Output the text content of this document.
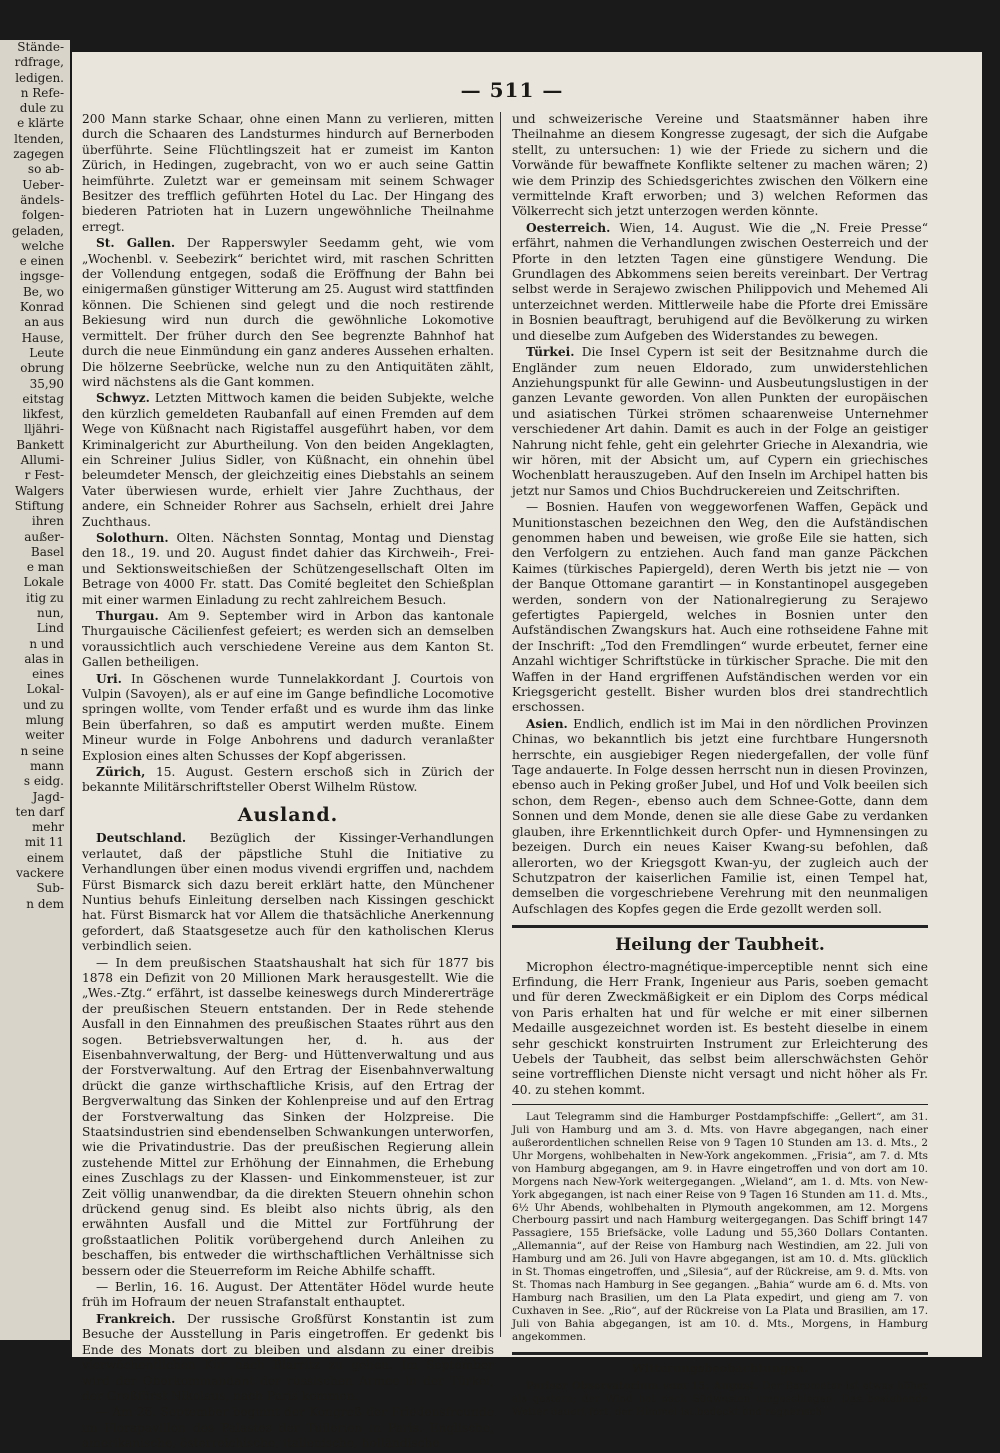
Stände-
rdfrage,
ledigen.
n Refe-
dule zu
e klärte
ltenden,
zagegen
so ab-
Ueber-
ändels-
folgen-
geladen,
welche
e einen
ingsge-
Be, wo
Konrad
an aus
Hause,
Leute
obrung
35,90
eitstag
likfest,
lljähri-
Bankett
Allumi-
r Fest-
Walgers
Stiftung
ihren
außer-
Basel
e man
Lokale
itig zu
nun,
Lind
n und
alas in
eines
Lokal-
und zu
mlung
weiter
n seine
mann
s eidg.
Jagd-
ten darf
mehr
mit 11
einem
vackere
Sub-
n dem
— 511 —

200 Mann starke Schaar, ohne einen Mann zu verlieren, mitten durch die Schaaren des Landsturmes hindurch auf Bernerboden überführte. Seine Flüchtlingszeit hat er zumeist im Kanton Zürich, in Hedingen, zugebracht, von wo er auch seine Gattin heimführte. Zuletzt war er gemeinsam mit seinem Schwager Besitzer des trefflich geführten Hotel du Lac. Der Hingang des biederen Patrioten hat in Luzern ungewöhnliche Theilnahme erregt.

St. Gallen. Der Rapperswyler Seedamm geht, wie vom „Wochenbl. v. Seebezirk“ berichtet wird, mit raschen Schritten der Vollendung entgegen, sodaß die Eröffnung der Bahn bei einigermaßen günstiger Witterung am 25. August wird stattfinden können. Die Schienen sind gelegt und die noch restirende Bekiesung wird nun durch die gewöhnliche Lokomotive vermittelt. Der früher durch den See begrenzte Bahnhof hat durch die neue Einmündung ein ganz anderes Aussehen erhalten. Die hölzerne Seebrücke, welche nun zu den Antiquitäten zählt, wird nächstens als die Gant kommen.

Schwyz. Letzten Mittwoch kamen die beiden Subjekte, welche den kürzlich gemeldeten Raubanfall auf einen Fremden auf dem Wege von Küßnacht nach Rigistaffel ausgeführt haben, vor dem Kriminalgericht zur Aburtheilung. Von den beiden Angeklagten, ein Schreiner Julius Sidler, von Küßnacht, ein ohnehin übel beleumdeter Mensch, der gleichzeitig eines Diebstahls an seinem Vater überwiesen wurde, erhielt vier Jahre Zuchthaus, der andere, ein Schneider Rohrer aus Sachseln, erhielt drei Jahre Zuchthaus.

Solothurn. Olten. Nächsten Sonntag, Montag und Dienstag den 18., 19. und 20. August findet dahier das Kirchweih-, Frei- und Sektionsweitschießen der Schützengesellschaft Olten im Betrage von 4000 Fr. statt. Das Comité begleitet den Schießplan mit einer warmen Einladung zu recht zahlreichem Besuch.

Thurgau. Am 9. September wird in Arbon das kantonale Thurgauische Cäcilienfest gefeiert; es werden sich an demselben voraussichtlich auch verschiedene Vereine aus dem Kanton St. Gallen betheiligen.

Uri. In Göschenen wurde Tunnelakkordant J. Courtois von Vulpin (Savoyen), als er auf eine im Gange befindliche Locomotive springen wollte, vom Tender erfaßt und es wurde ihm das linke Bein überfahren, so daß es amputirt werden mußte. Einem Mineur wurde in Folge Anbohrens und dadurch veranlaßter Explosion eines alten Schusses der Kopf abgerissen.

Zürich, 15. August. Gestern erschoß sich in Zürich der bekannte Militärschriftsteller Oberst Wilhelm Rüstow.

Ausland.

Deutschland. Bezüglich der Kissinger-Verhandlungen verlautet, daß der päpstliche Stuhl die Initiative zu Verhandlungen über einen modus vivendi ergriffen und, nachdem Fürst Bismarck sich dazu bereit erklärt hatte, den Münchener Nuntius behufs Einleitung derselben nach Kissingen geschickt hat. Fürst Bismarck hat vor Allem die thatsächliche Anerkennung gefordert, daß Staatsgesetze auch für den katholischen Klerus verbindlich seien.

— In dem preußischen Staatshaushalt hat sich für 1877 bis 1878 ein Defizit von 20 Millionen Mark herausgestellt. Wie die „Wes.-Ztg.“ erfährt, ist dasselbe keineswegs durch Mindererträge der preußischen Steuern entstanden. Der in Rede stehende Ausfall in den Einnahmen des preußischen Staates rührt aus den sogen. Betriebsverwaltungen her, d. h. aus der Eisenbahnverwaltung, der Berg- und Hüttenverwaltung und aus der Forstverwaltung. Auf den Ertrag der Eisenbahnverwaltung drückt die ganze wirthschaftliche Krisis, auf den Ertrag der Bergverwaltung das Sinken der Kohlenpreise und auf den Ertrag der Forstverwaltung das Sinken der Holzpreise. Die Staatsindustrien sind ebendenselben Schwankungen unterworfen, wie die Privatindustrie. Das der preußischen Regierung allein zustehende Mittel zur Erhöhung der Einnahmen, die Erhebung eines Zuschlags zu der Klassen- und Einkommensteuer, ist zur Zeit völlig unanwendbar, da die direkten Steuern ohnehin schon drückend genug sind. Es bleibt also nichts übrig, als den erwähnten Ausfall und die Mittel zur Fortführung der großstaatlichen Politik vorübergehend durch Anleihen zu beschaffen, bis entweder die wirthschaftlichen Verhältnisse sich bessern oder die Steuerreform im Reiche Abhilfe schafft.

— Berlin, 16. 16. August. Der Attentäter Hödel wurde heute früh im Hofraum der neuen Strafanstalt enthauptet.

Frankreich. Der russische Großfürst Konstantin ist zum Besuche der Ausstellung in Paris eingetroffen. Er gedenkt bis Ende des Monats dort zu bleiben und alsdann zu einer dreibis vierwöchentlichen Kur nach Biarritz zu gehen. Im September wird der Oberkommandant der russischen Armee in der Türkei, der Großfürst Nikolaus, nach Paris kommen.

— Am 26. September beginnt der Kongreß der Friedensfreunde im Florapavillon des Palastes der Tuilerien in Paris. Englische, amerikanische, österreichische, italienische, holländische

und schweizerische Vereine und Staatsmänner haben ihre Theilnahme an diesem Kongresse zugesagt, der sich die Aufgabe stellt, zu untersuchen: 1) wie der Friede zu sichern und die Vorwände für bewaffnete Konflikte seltener zu machen wären; 2) wie dem Prinzip des Schiedsgerichtes zwischen den Völkern eine vermittelnde Kraft erworben; und 3) welchen Reformen das Völkerrecht sich jetzt unterzogen werden könnte.

Oesterreich. Wien, 14. August. Wie die „N. Freie Presse“ erfährt, nahmen die Verhandlungen zwischen Oesterreich und der Pforte in den letzten Tagen eine günstigere Wendung. Die Grundlagen des Abkommens seien bereits vereinbart. Der Vertrag selbst werde in Serajewo zwischen Philippovich und Mehemed Ali unterzeichnet werden. Mittlerweile habe die Pforte drei Emissäre in Bosnien beauftragt, beruhigend auf die Bevölkerung zu wirken und dieselbe zum Aufgeben des Widerstandes zu bewegen.

Türkei. Die Insel Cypern ist seit der Besitznahme durch die Engländer zum neuen Eldorado, zum unwiderstehlichen Anziehungspunkt für alle Gewinn- und Ausbeutungslustigen in der ganzen Levante geworden. Von allen Punkten der europäischen und asiatischen Türkei strömen schaarenweise Unternehmer verschiedener Art dahin. Damit es auch in der Folge an geistiger Nahrung nicht fehle, geht ein gelehrter Grieche in Alexandria, wie wir hören, mit der Absicht um, auf Cypern ein griechisches Wochenblatt herauszugeben. Auf den Inseln im Archipel hatten bis jetzt nur Samos und Chios Buchdruckereien und Zeitschriften.

— Bosnien. Haufen von weggeworfenen Waffen, Gepäck und Munitionstaschen bezeichnen den Weg, den die Aufständischen genommen haben und beweisen, wie große Eile sie hatten, sich den Verfolgern zu entziehen. Auch fand man ganze Päckchen Kaimes (türkisches Papiergeld), deren Werth bis jetzt nie — von der Banque Ottomane garantirt — in Konstantinopel ausgegeben werden, sondern von der Nationalregierung zu Serajewo gefertigtes Papiergeld, welches in Bosnien unter den Aufständischen Zwangskurs hat. Auch eine rothseidene Fahne mit der Inschrift: „Tod den Fremdlingen“ wurde erbeutet, ferner eine Anzahl wichtiger Schriftstücke in türkischer Sprache. Die mit den Waffen in der Hand ergriffenen Aufständischen werden vor ein Kriegsgericht gestellt. Bisher wurden blos drei standrechtlich erschossen.

Asien. Endlich, endlich ist im Mai in den nördlichen Provinzen Chinas, wo bekanntlich bis jetzt eine furchtbare Hungersnoth herrschte, ein ausgiebiger Regen niedergefallen, der volle fünf Tage andauerte. In Folge dessen herrscht nun in diesen Provinzen, ebenso auch in Peking großer Jubel, und Hof und Volk beeilen sich schon, dem Regen-, ebenso auch dem Schnee-Gotte, dann dem Sonnen und dem Monde, denen sie alle diese Gabe zu verdanken glauben, ihre Erkenntlichkeit durch Opfer- und Hymnensingen zu bezeigen. Durch ein neues Kaiser Kwang-su befohlen, daß allerorten, wo der Kriegsgott Kwan-yu, der zugleich auch der Schutzpatron der kaiserlichen Familie ist, einen Tempel hat, demselben die vorgeschriebene Verehrung mit den neunmaligen Aufschlagen des Kopfes gegen die Erde gezollt werden soll.

Heilung der Taubheit.

Microphon électro-magnétique-imperceptible nennt sich eine Erfindung, die Herr Frank, Ingenieur aus Paris, soeben gemacht und für deren Zweckmäßigkeit er ein Diplom des Corps médical von Paris erhalten hat und für welche er mit einer silbernen Medaille ausgezeichnet worden ist. Es besteht dieselbe in einem sehr geschickt konstruirten Instrument zur Erleichterung des Uebels der Taubheit, das selbst beim allerschwächsten Gehör seine vortrefflichen Dienste nicht versagt und nicht höher als Fr. 40. zu stehen kommt.

Laut Telegramm sind die Hamburger Postdampfschiffe: „Gellert“, am 31. Juli von Hamburg und am 3. d. Mts. von Havre abgegangen, nach einer außerordentlichen schnellen Reise von 9 Tagen 10 Stunden am 13. d. Mts., 2 Uhr Morgens, wohlbehalten in New-York angekommen. „Frisia“, am 7. d. Mts von Hamburg abgegangen, am 9. in Havre eingetroffen und von dort am 10. Morgens nach New-York weitergegangen. „Wieland“, am 1. d. Mts. von New-York abgegangen, ist nach einer Reise von 9 Tagen 16 Stunden am 11. d. Mts., 6½ Uhr Abends, wohlbehalten in Plymouth angekommen, am 12. Morgens Cherbourg passirt und nach Hamburg weitergegangen. Das Schiff bringt 147 Passagiere, 155 Briefsäcke, volle Ladung und 55,360 Dollars Contanten. „Allemannia“, auf der Reise von Hamburg nach Westindien, am 22. Juli von Hamburg und am 26. Juli von Havre abgegangen, ist am 10. d. Mts. glücklich in St. Thomas eingetroffen, und „Silesia“, auf der Rückreise, am 9. d. Mts. von St. Thomas nach Hamburg in See gegangen. „Bahia“ wurde am 6. d. Mts. von Hamburg nach Brasilien, um den La Plata expedirt, und gieng am 7. von Cuxhaven in See. „Rio“, auf der Rückreise von La Plata und Brasilien, am 17. Juli von Bahia abgegangen, ist am 10. d. Mts., Morgens, in Hamburg angekommen.

Witterungsbeobachtungen.

Pariser Observatorium vom 15. August. Der Barometer ist etwas höher als gestern; der Wind hat nach Südwesten umgeschlagen. Das bestehende Wetter dauert fort, der Himmel ist bedeckt und regnerisch.
